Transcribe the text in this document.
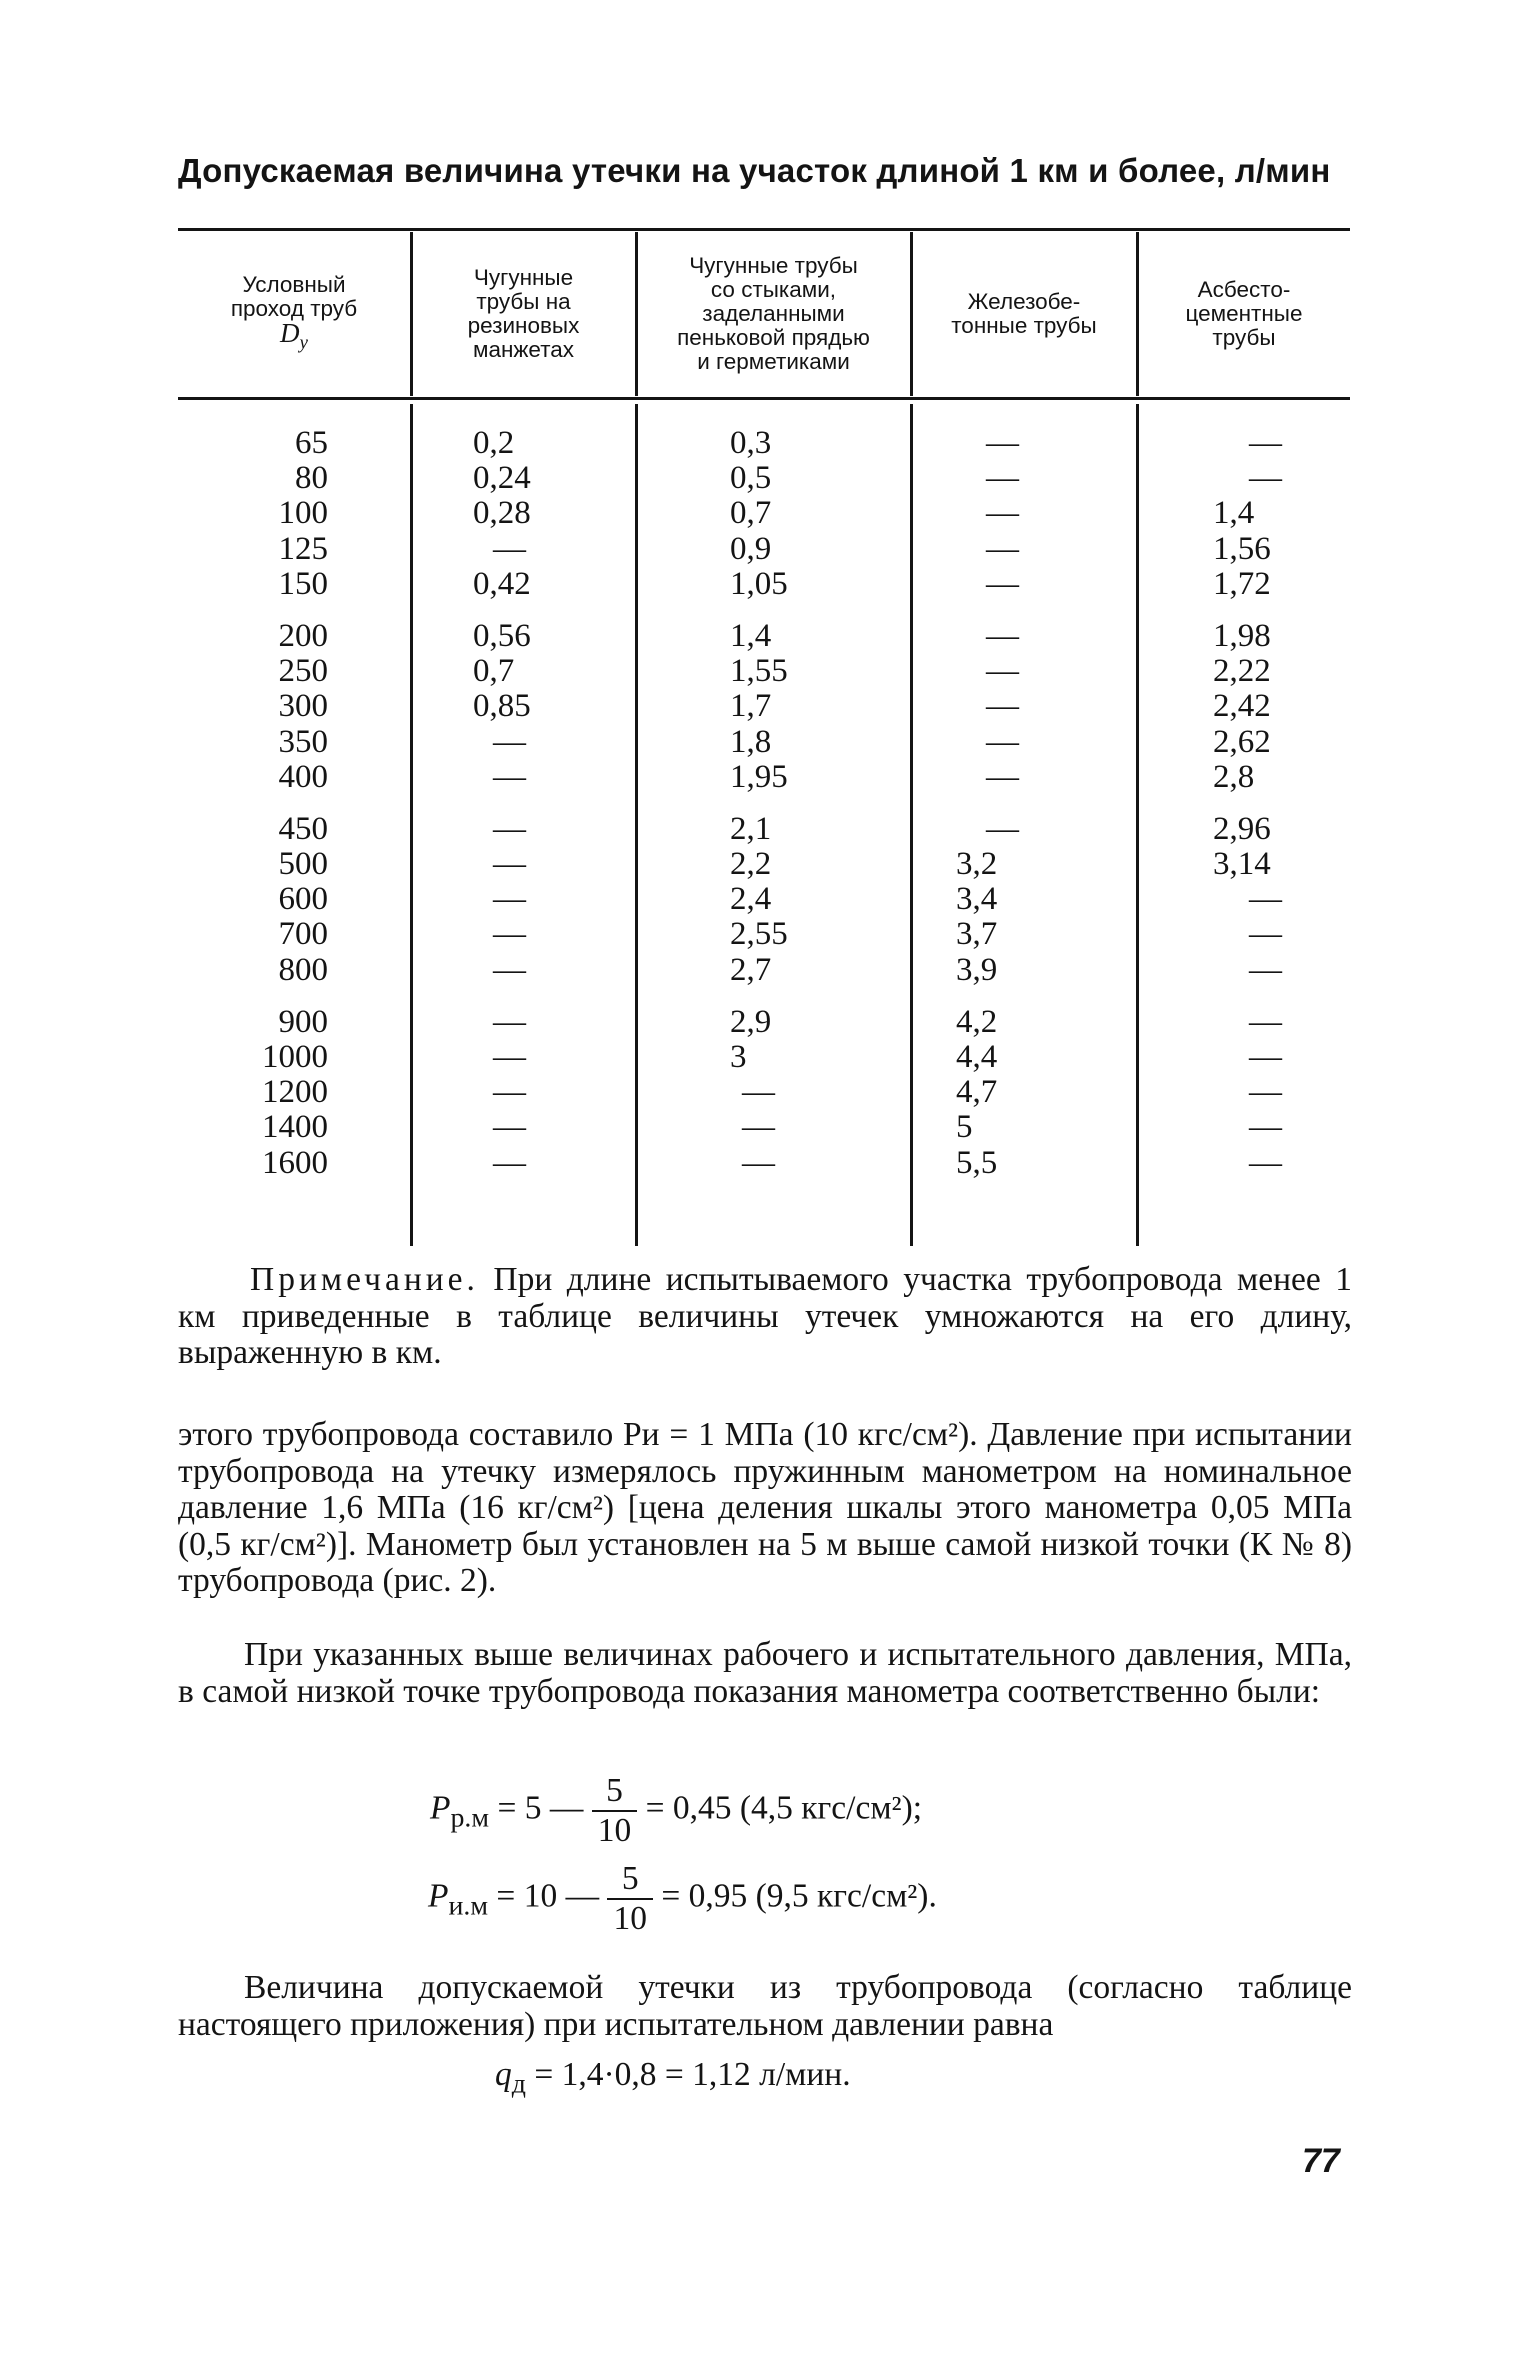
Допускаемая величина утечки на участок длиной 1 км и более, л/мин
Условный
проход труб
$D_у$
Чугунные
трубы на
резиновых
манжетах
Чугунные трубы
со стыками,
заделанными
пеньковой прядью
и герметиками
Железобе-
тонные трубы
Асбесто-
цементные
трубы
65
80
100
125
150
200
250
300
350
400
450
500
600
700
800
900
1000
1200
1400
1600
0,2
0,24
0,28
—
0,42
0,56
0,7
0,85
—
—
—
—
—
—
—
—
—
—
—
—
0,3
0,5
0,7
0,9
1,05
1,4
1,55
1,7
1,8
1,95
2,1
2,2
2,4
2,55
2,7
2,9
3
—
—
—
—
—
—
—
—
—
—
—
—
—
—
3,2
3,4
3,7
3,9
4,2
4,4
4,7
5
5,5
—
—
1,4
1,56
1,72
1,98
2,22
2,42
2,62
2,8
2,96
3,14
—
—
—
—
—
—
—
—
Примечание. При длине испытываемого участка трубопровода менее 1 км приведенные в таблице величины утечек умножаются на его длину, выраженную в км.
этого трубопровода составило Pи = 1 МПа (10 кгс/см²). Давление при испытании трубопровода на утечку измерялось пружинным манометром на номинальное давление 1,6 МПа (16 кг/см²) [цена деления шкалы этого манометра 0,05 МПа (0,5 кг/см²)]. Манометр был установлен на 5 м выше самой низкой точки (К № 8) трубопровода (рис. 2).
При указанных выше величинах рабочего и испытательного давления, МПа, в самой низкой точке трубопровода показания манометра соответственно были:
$P_{р.м} = 5$ — $\frac{5}{10} = 0,45$ (4,5 кгс/см²);
$P_{и.м} = 10$ — $\frac{5}{10} = 0,95$ (9,5 кгс/см²).
Величина допускаемой утечки из трубопровода (согласно таблице настоящего приложения) при испытательном давлении равна
$q_д = 1,4\cdot 0,8 = 1,12$ л/мин.
77
